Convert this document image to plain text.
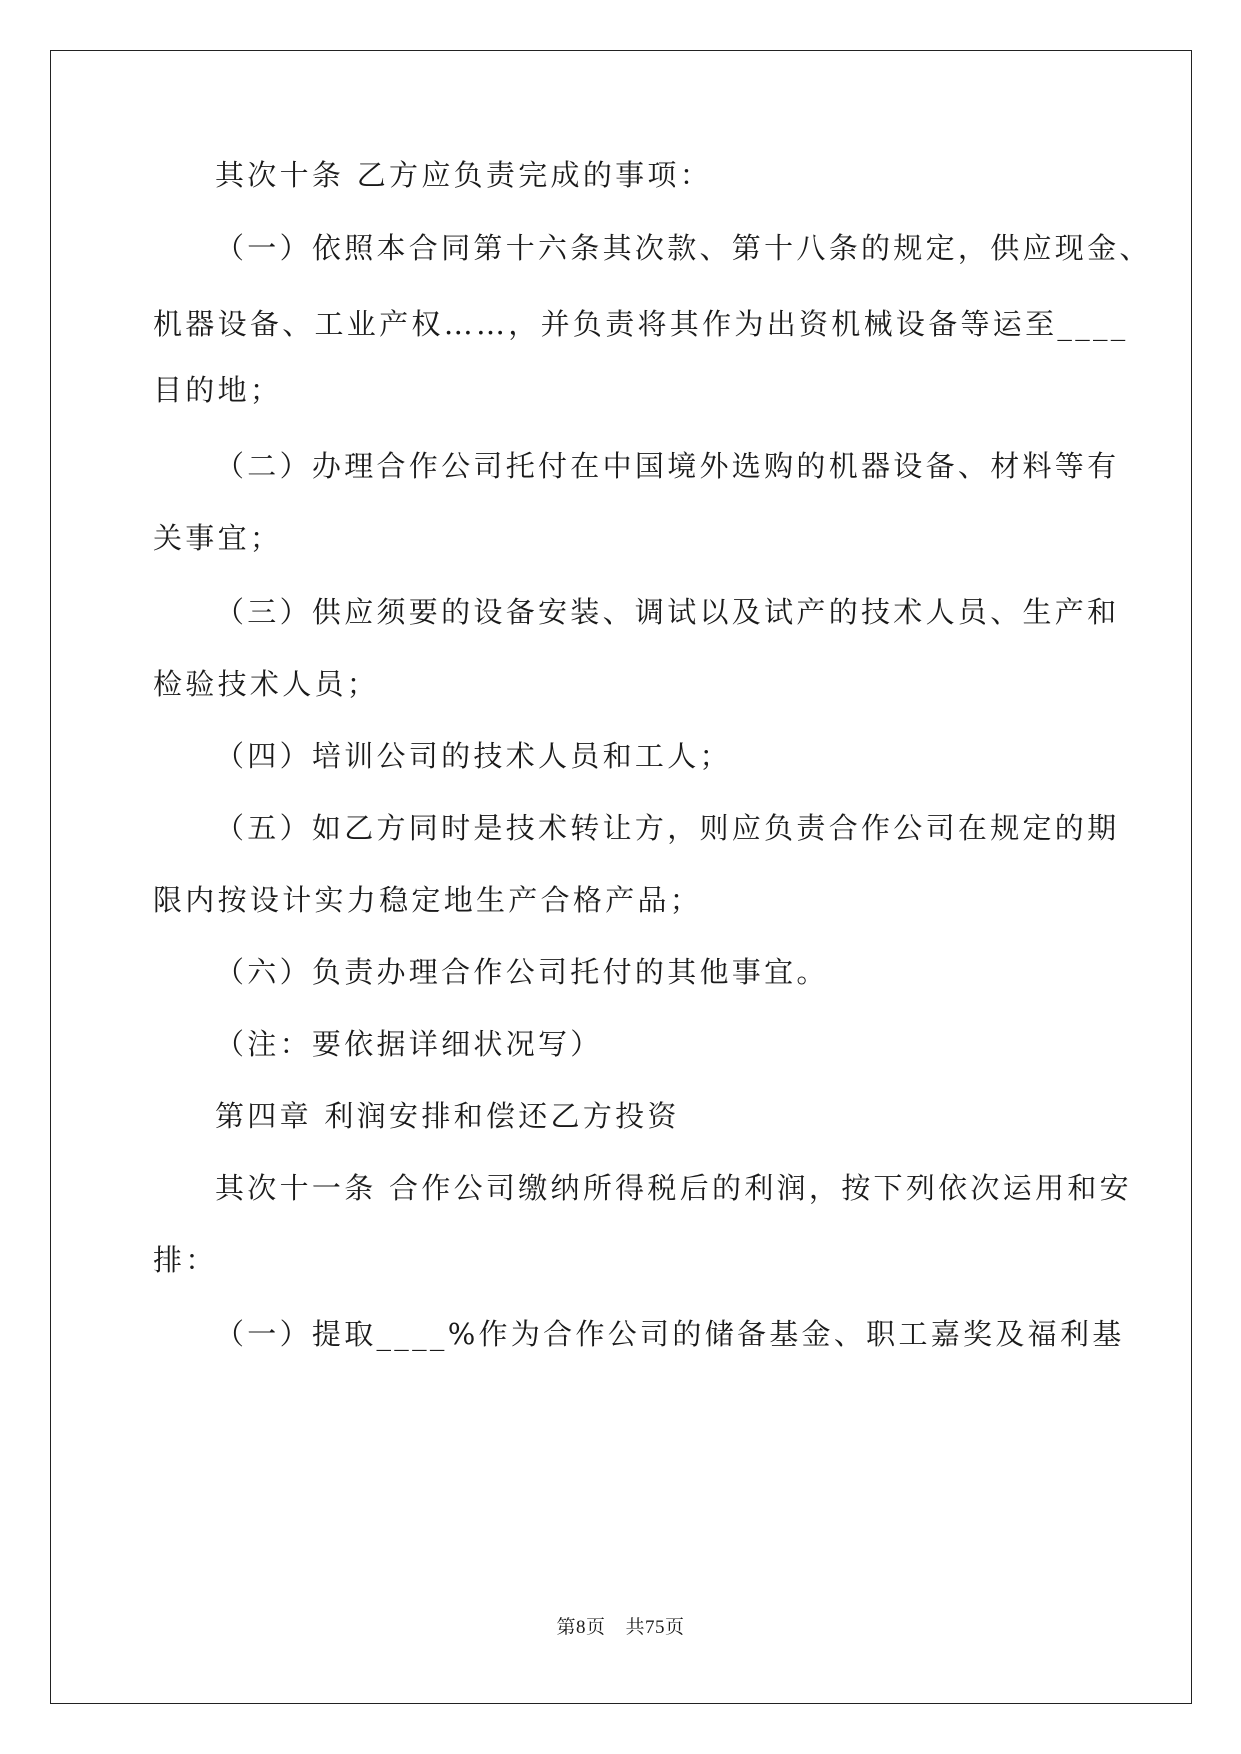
其次十条 乙方应负责完成的事项：
（一）依照本合同第十六条其次款、第十八条的规定，供应现金、
机器设备、工业产权……，并负责将其作为出资机械设备等运至____
目的地；
（二）办理合作公司托付在中国境外选购的机器设备、材料等有
关事宜；
（三）供应须要的设备安装、调试以及试产的技术人员、生产和
检验技术人员；
（四）培训公司的技术人员和工人；
（五）如乙方同时是技术转让方，则应负责合作公司在规定的期
限内按设计实力稳定地生产合格产品；
（六）负责办理合作公司托付的其他事宜。
（注：要依据详细状况写）
第四章 利润安排和偿还乙方投资
其次十一条 合作公司缴纳所得税后的利润，按下列依次运用和安
排：
（一）提取____%作为合作公司的储备基金、职工嘉奖及福利基
第8页 共75页
